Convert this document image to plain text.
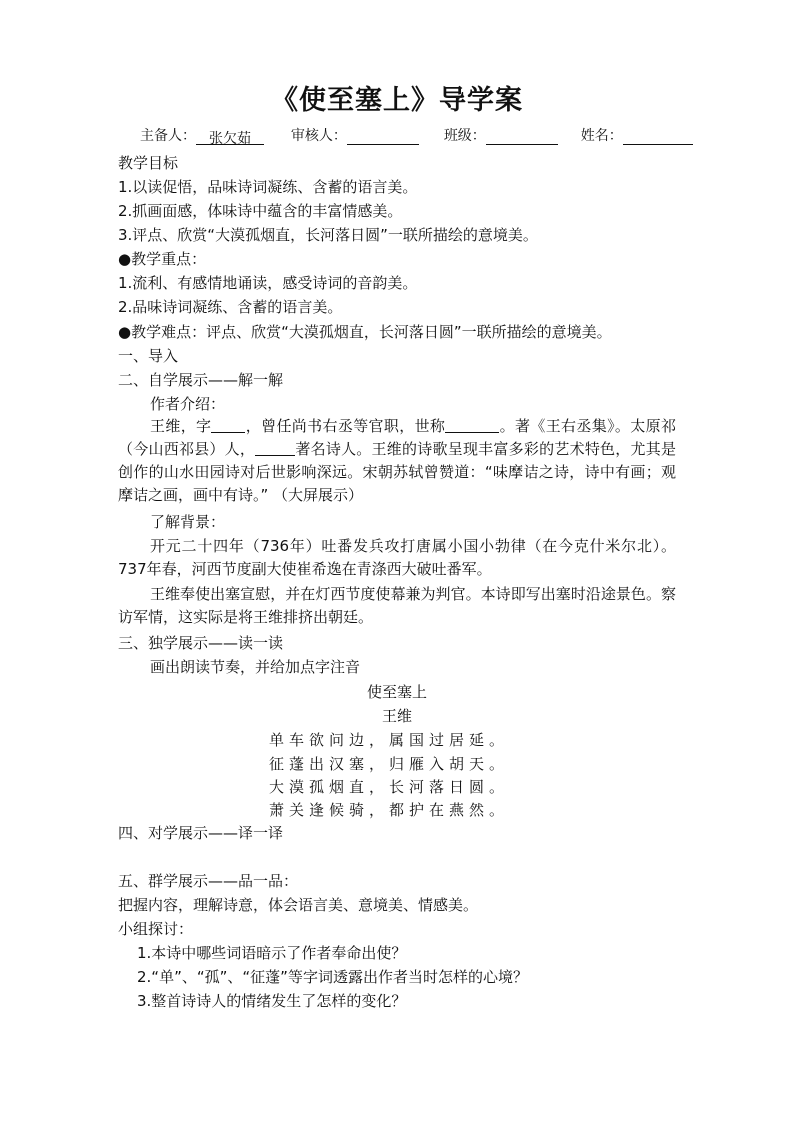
《使至塞上》导学案
主备人： 张欠茹	审核人：	班级：	姓名：
教学目标
1.以读促悟，品味诗词凝练、含蓄的语言美。
2.抓画面感，体味诗中蕴含的丰富情感美。
3.评点、欣赏“大漠孤烟直，长河落日圆”一联所描绘的意境美。
●教学重点：
1.流利、有感情地诵读，感受诗词的音韵美。
2.品味诗词凝练、含蓄的语言美。
●教学难点：评点、欣赏“大漠孤烟直，长河落日圆”一联所描绘的意境美。
一、导入
二、自学展示——解一解
作者介绍：

王维，字 ，曾任尚书右丞等官职，世称	。著《王右丞集》。太原祁（今山西祁县）人，	著名诗人。王维的诗歌呈现丰富多彩的艺术特色，尤其是创作的山水田园诗对后世影响深远。宋朝苏轼曾赞道：“味摩诘之诗，诗中有画；观摩诘之画，画中有诗。” （大屏展示）

了解背景：

开元二十四年（736年）吐番发兵攻打唐属小国小勃律（在今克什米尔北）。737年春，河西节度副大使崔希逸在青涤西大破吐番军。

王维奉使出塞宣慰，并在灯西节度使幕兼为判官。本诗即写出塞时沿途景色。察访军情，这实际是将王维排挤出朝廷。

三、独学展示——读一读
画出朗读节奏，并给加点字注音
使至塞上
王维
单车欲问边，属国过居延。
征蓬出汉塞，归雁入胡天。
大漠孤烟直，长河落日圆。
萧关逢候骑，都护在燕然。
四、对学展示——译一译
五、群学展示——品一品：
把握内容，理解诗意，体会语言美、意境美、情感美。
小组探讨：
1.本诗中哪些词语暗示了作者奉命出使？
2.“单”、“孤”、“征蓬”等字词透露出作者当时怎样的心境？
3.整首诗诗人的情绪发生了怎样的变化？
